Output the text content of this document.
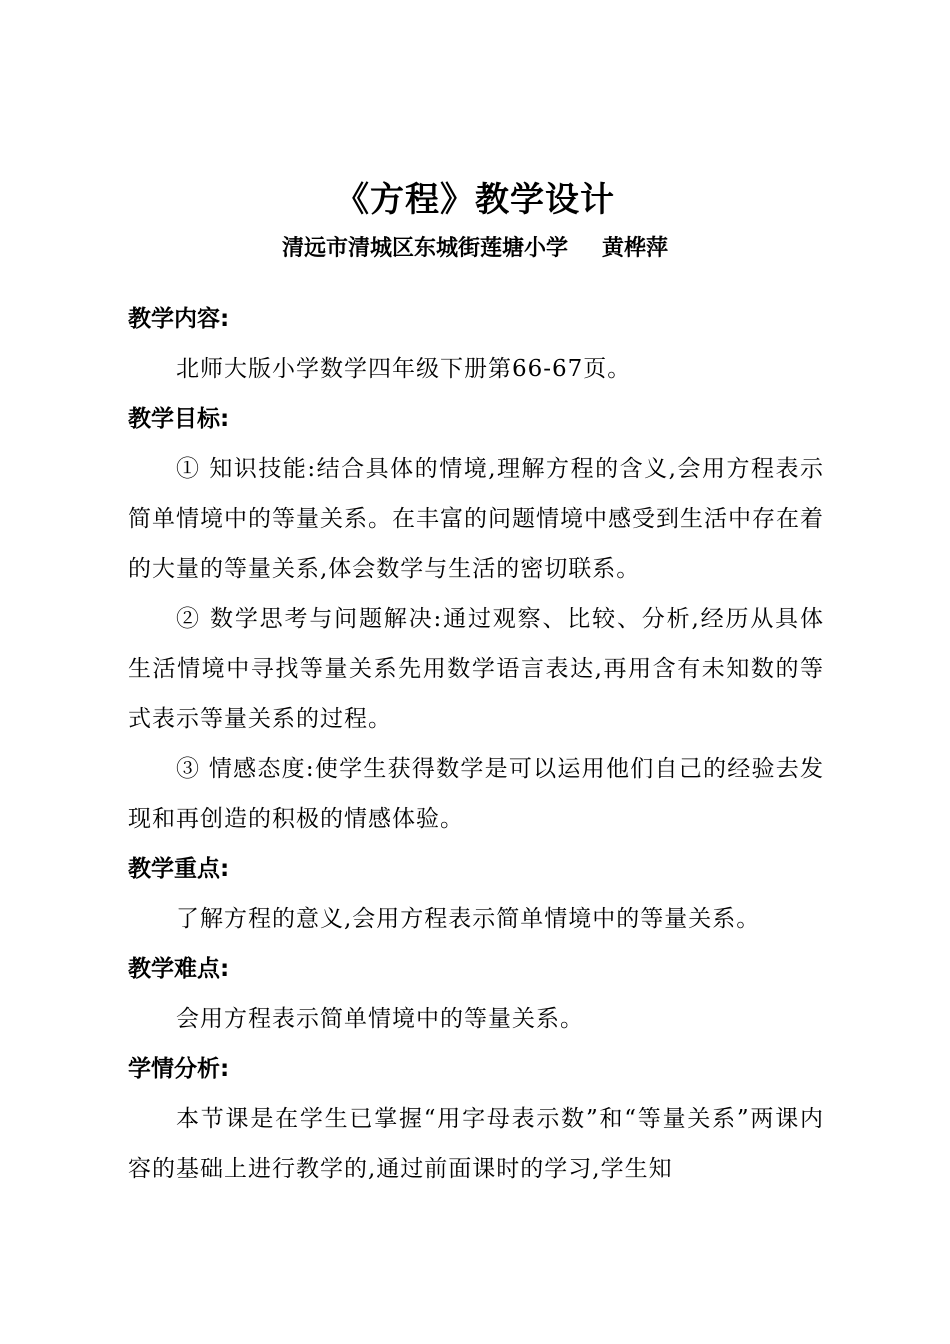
《方程》教学设计
清远市清城区东城街莲塘小学 黄桦萍

教学内容:

北师大版小学数学四年级下册第66-67页。

教学目标:

① 知识技能:结合具体的情境,理解方程的含义,会用方程表示简单情境中的等量关系。在丰富的问题情境中感受到生活中存在着的大量的等量关系,体会数学与生活的密切联系。

② 数学思考与问题解决:通过观察、比较、分析,经历从具体生活情境中寻找等量关系先用数学语言表达,再用含有未知数的等式表示等量关系的过程。

③ 情感态度:使学生获得数学是可以运用他们自己的经验去发现和再创造的积极的情感体验。

教学重点:

了解方程的意义,会用方程表示简单情境中的等量关系。

教学难点:

会用方程表示简单情境中的等量关系。

学情分析:

本节课是在学生已掌握“用字母表示数”和“等量关系”两课内容的基础上进行教学的,通过前面课时的学习,学生知
